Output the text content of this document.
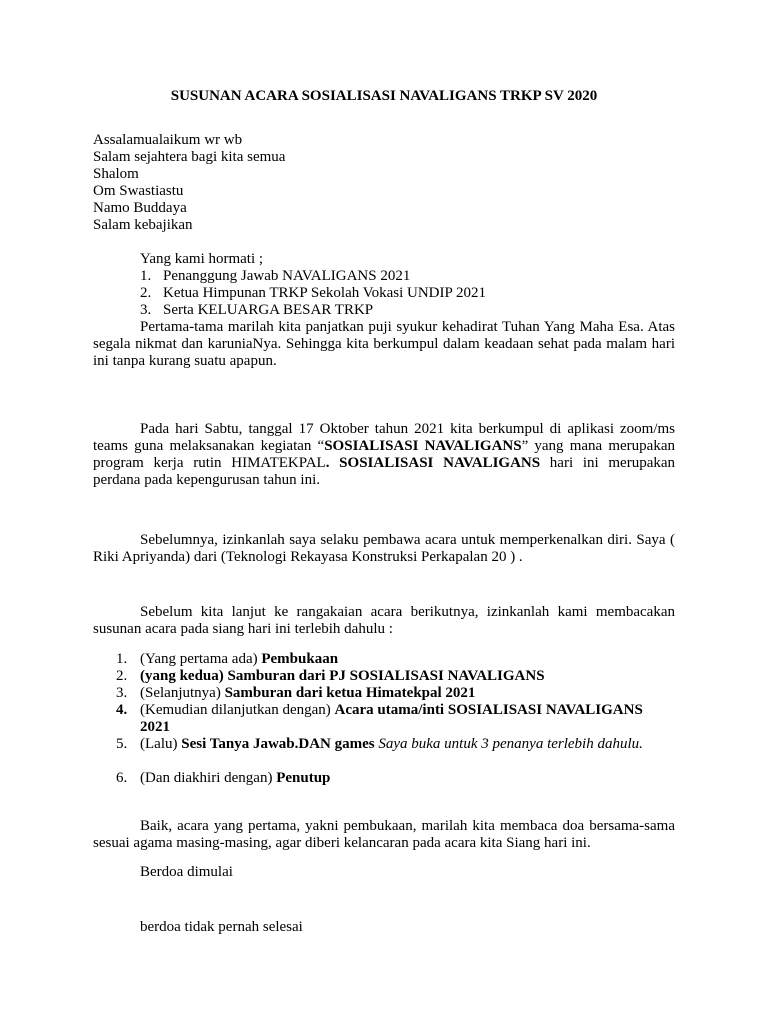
SUSUNAN ACARA SOSIALISASI NAVALIGANS TRKP SV 2020
Assalamualaikum wr wb
Salam sejahtera bagi kita semua
Shalom
Om Swastiastu
Namo Buddaya
Salam kebajikan
Yang kami hormati ;
1. Penanggung Jawab NAVALIGANS 2021
2. Ketua Himpunan TRKP Sekolah Vokasi UNDIP 2021
3. Serta KELUARGA BESAR TRKP
Pertama-tama marilah kita panjatkan puji syukur kehadirat Tuhan Yang Maha Esa. Atas segala nikmat dan karuniaNya. Sehingga kita berkumpul dalam keadaan sehat pada malam hari ini tanpa kurang suatu apapun.
Pada hari Sabtu, tanggal 17 Oktober tahun 2021 kita berkumpul di aplikasi zoom/ms teams guna melaksanakan kegiatan “SOSIALISASI NAVALIGANS” yang mana merupakan program kerja rutin HIMATEKPAL. SOSIALISASI NAVALIGANS hari ini merupakan perdana pada kepengurusan tahun ini.
Sebelumnya, izinkanlah saya selaku pembawa acara untuk memperkenalkan diri. Saya ( Riki Apriyanda) dari (Teknologi Rekayasa Konstruksi Perkapalan 20 ) .
Sebelum kita lanjut ke rangakaian acara berikutnya, izinkanlah kami membacakan susunan acara pada siang hari ini terlebih dahulu :
1. (Yang pertama ada) Pembukaan
2. (yang kedua) Samburan dari PJ SOSIALISASI NAVALIGANS
3. (Selanjutnya) Samburan dari ketua Himatekpal 2021
4. (Kemudian dilanjutkan dengan) Acara utama/inti SOSIALISASI NAVALIGANS 2021
5. (Lalu) Sesi Tanya Jawab.DAN games Saya buka untuk 3 penanya terlebih dahulu.
6. (Dan diakhiri dengan) Penutup
Baik, acara yang pertama, yakni pembukaan, marilah kita membaca doa bersama-sama sesuai agama masing-masing, agar diberi kelancaran pada acara kita Siang hari ini.
Berdoa dimulai
berdoa tidak pernah selesai
